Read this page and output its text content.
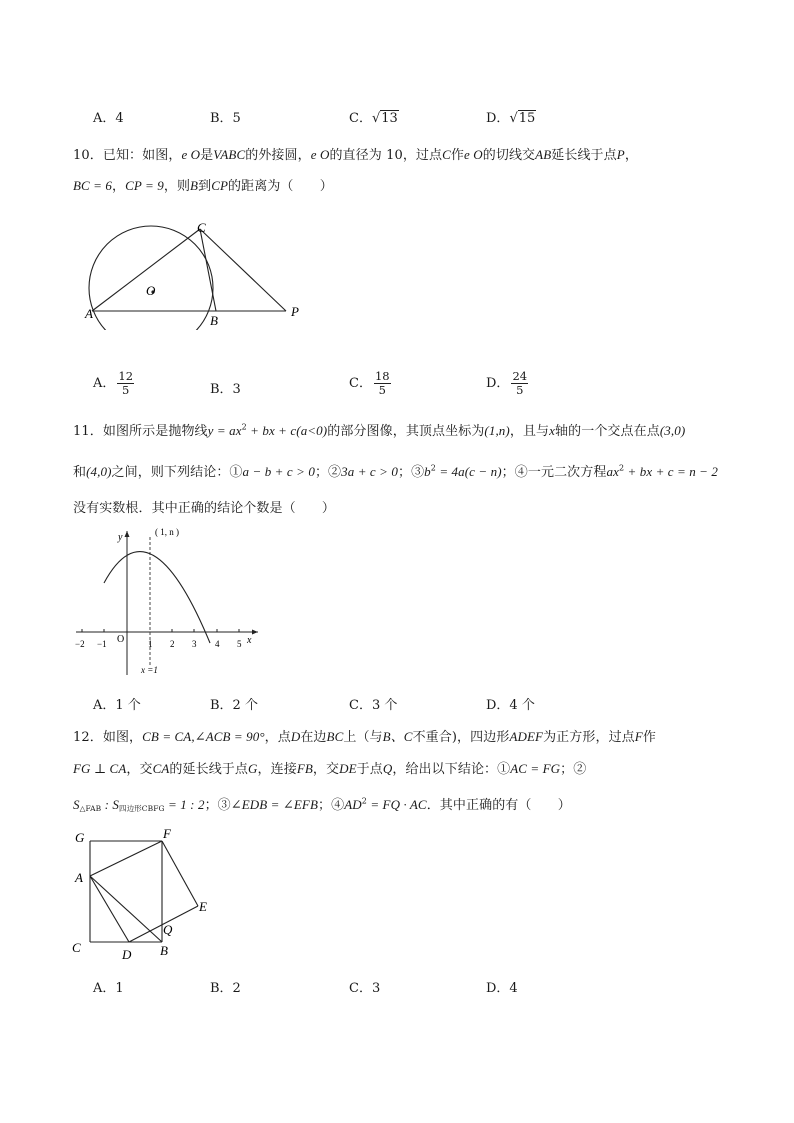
A．4	B．5	C．√13	D．√15
10．已知：如图，e O是VABC的外接圆，e O的直径为 10，过点C作e O的切线交AB延长线于点P，
BC = 6，CP = 9，则B到CP的距离为（　　）
C
O
A	B
P
A． $\frac{12}{5}$	B．3	C． $\frac{18}{5}$	D． $\frac{24}{5}$
11．如图所示是抛物线$y = ax^2$ + bx + c(a<0)的部分图像，其顶点坐标为(1,n)，且与x轴的一个交点在点(3,0)
和(4,0)之间，则下列结论：①a − b + c > 0；②3a + c > 0；$③b^2 = 4a(c - n)$；④一元二次方程$ax^2$ + bx + c = n − 2
没有实数根．其中正确的结论个数是（　　）
y
x
O
( 1, n )
x =1
−2 −1	1 2 3 4 5
A．1 个	B．2 个	C．3 个	D．4 个
12．如图，CB = CA,∠ACB = 90°，点D在边BC上（与B、C不重合)，四边形ADEF为正方形，过点F作
FG ⊥ CA，交CA的延长线于点G，连接FB，交DE于点Q，给出以下结论：①AC = FG；②
$S_{\triangle FAB}$ : $S_{四边形CBFG} = 1$ : 2；③∠EDB = ∠EFB；$④AD^2$ = FQ · AC．其中正确的有（　　）
G	F
A
E
Q
C	D B
A．1	B．2	C．3	D．4
